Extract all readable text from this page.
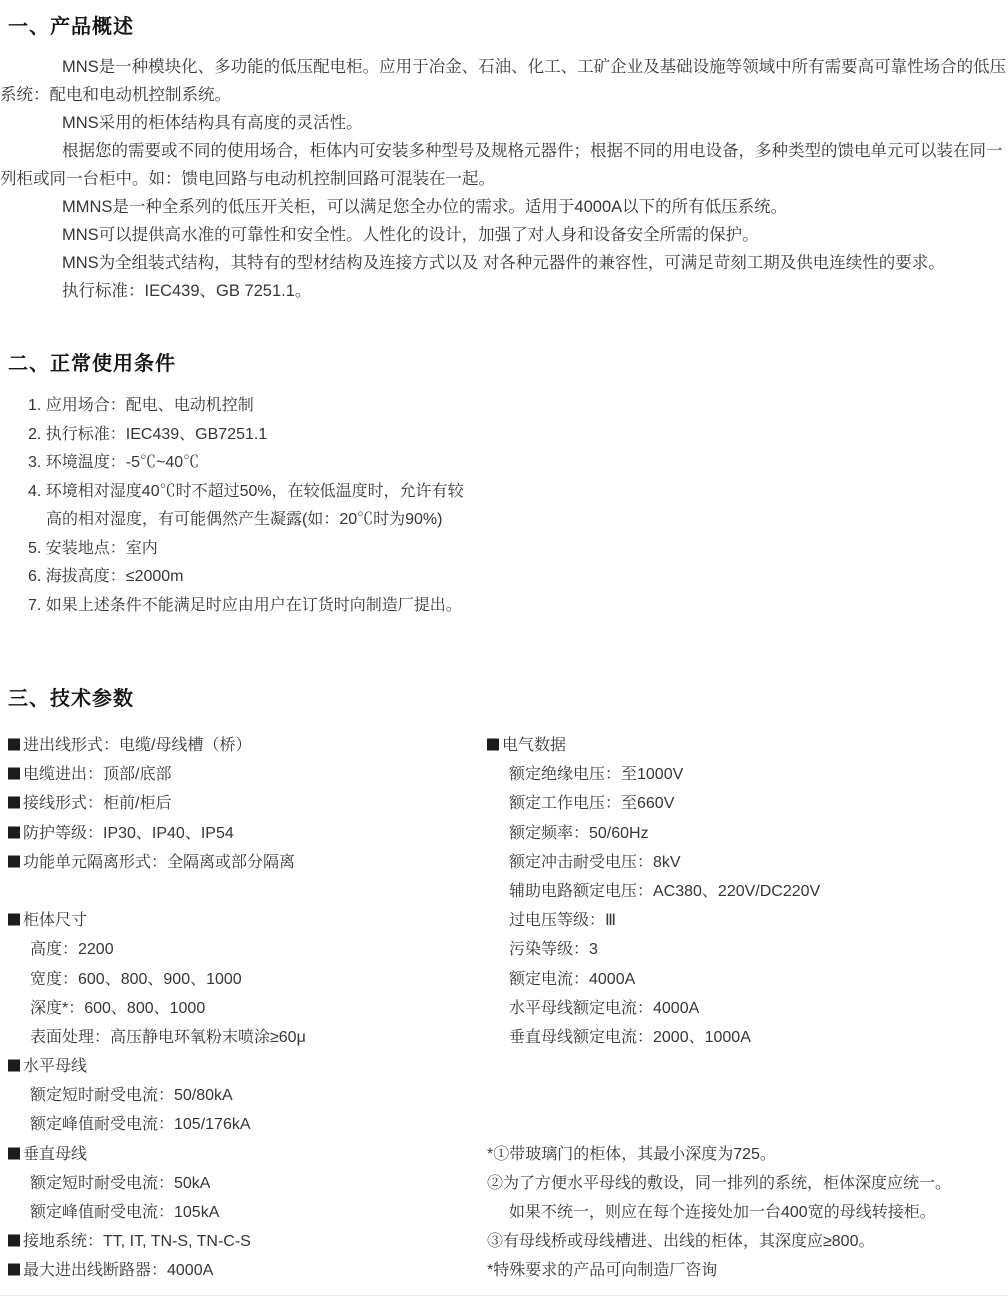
一、产品概述

MNS是一种模块化、多功能的低压配电柜。应用于冶金、石油、化工、工矿企业及基础设施等领域中所有需要高可靠性场合的低压系统：配电和电动机控制系统。

MNS采用的柜体结构具有高度的灵活性。

根据您的需要或不同的使用场合，柜体内可安装多种型号及规格元器件；根据不同的用电设备，多种类型的馈电单元可以装在同一列柜或同一台柜中。如：馈电回路与电动机控制回路可混装在一起。

MMNS是一种全系列的低压开关柜，可以满足您全办位的需求。适用于4000A以下的所有低压系统。

MNS可以提供高水准的可靠性和安全性。人性化的设计，加强了对人身和设备安全所需的保护。

MNS为全组装式结构，其特有的型材结构及连接方式以及 对各种元器件的兼容性，可满足苛刻工期及供电连续性的要求。

执行标准：IEC439、GB 7251.1。

二、正常使用条件
1. 应用场合：配电、电动机控制
2. 执行标准：IEC439、GB7251.1
3. 环境温度：-5℃~40℃
4. 环境相对湿度40℃时不超过50%，在较低温度时，允许有较
高的相对湿度，有可能偶然产生凝露(如：20℃时为90%)
5. 安装地点：室内
6. 海拔高度：≤2000m
7. 如果上述条件不能满足时应由用户在订货时向制造厂提出。
三、技术参数
进出线形式：电缆/母线槽（桥）
电缆进出：顶部/底部
接线形式：柜前/柜后
防护等级：IP30、IP40、IP54
功能单元隔离形式：全隔离或部分隔离
柜体尺寸
高度：2200
宽度：600、800、900、1000
深度*：600、800、1000
表面处理：高压静电环氧粉末喷涂≥60μ
水平母线
额定短时耐受电流：50/80kA
额定峰值耐受电流：105/176kA
垂直母线
额定短时耐受电流：50kA
额定峰值耐受电流：105kA
接地系统：TT, IT, TN-S, TN-C-S
最大进出线断路器：4000A
电气数据
额定绝缘电压：至1000V
额定工作电压：至660V
额定频率：50/60Hz
额定冲击耐受电压：8kV
辅助电路额定电压：AC380、220V/DC220V
过电压等级：Ⅲ
污染等级：3
额定电流：4000A
水平母线额定电流：4000A
垂直母线额定电流：2000、1000A
*①带玻璃门的柜体，其最小深度为725。
②为了方便水平母线的敷设，同一排列的系统，柜体深度应统一。
如果不统一，则应在每个连接处加一台400宽的母线转接柜。
③有母线桥或母线槽进、出线的柜体，其深度应≥800。
*特殊要求的产品可向制造厂咨询
